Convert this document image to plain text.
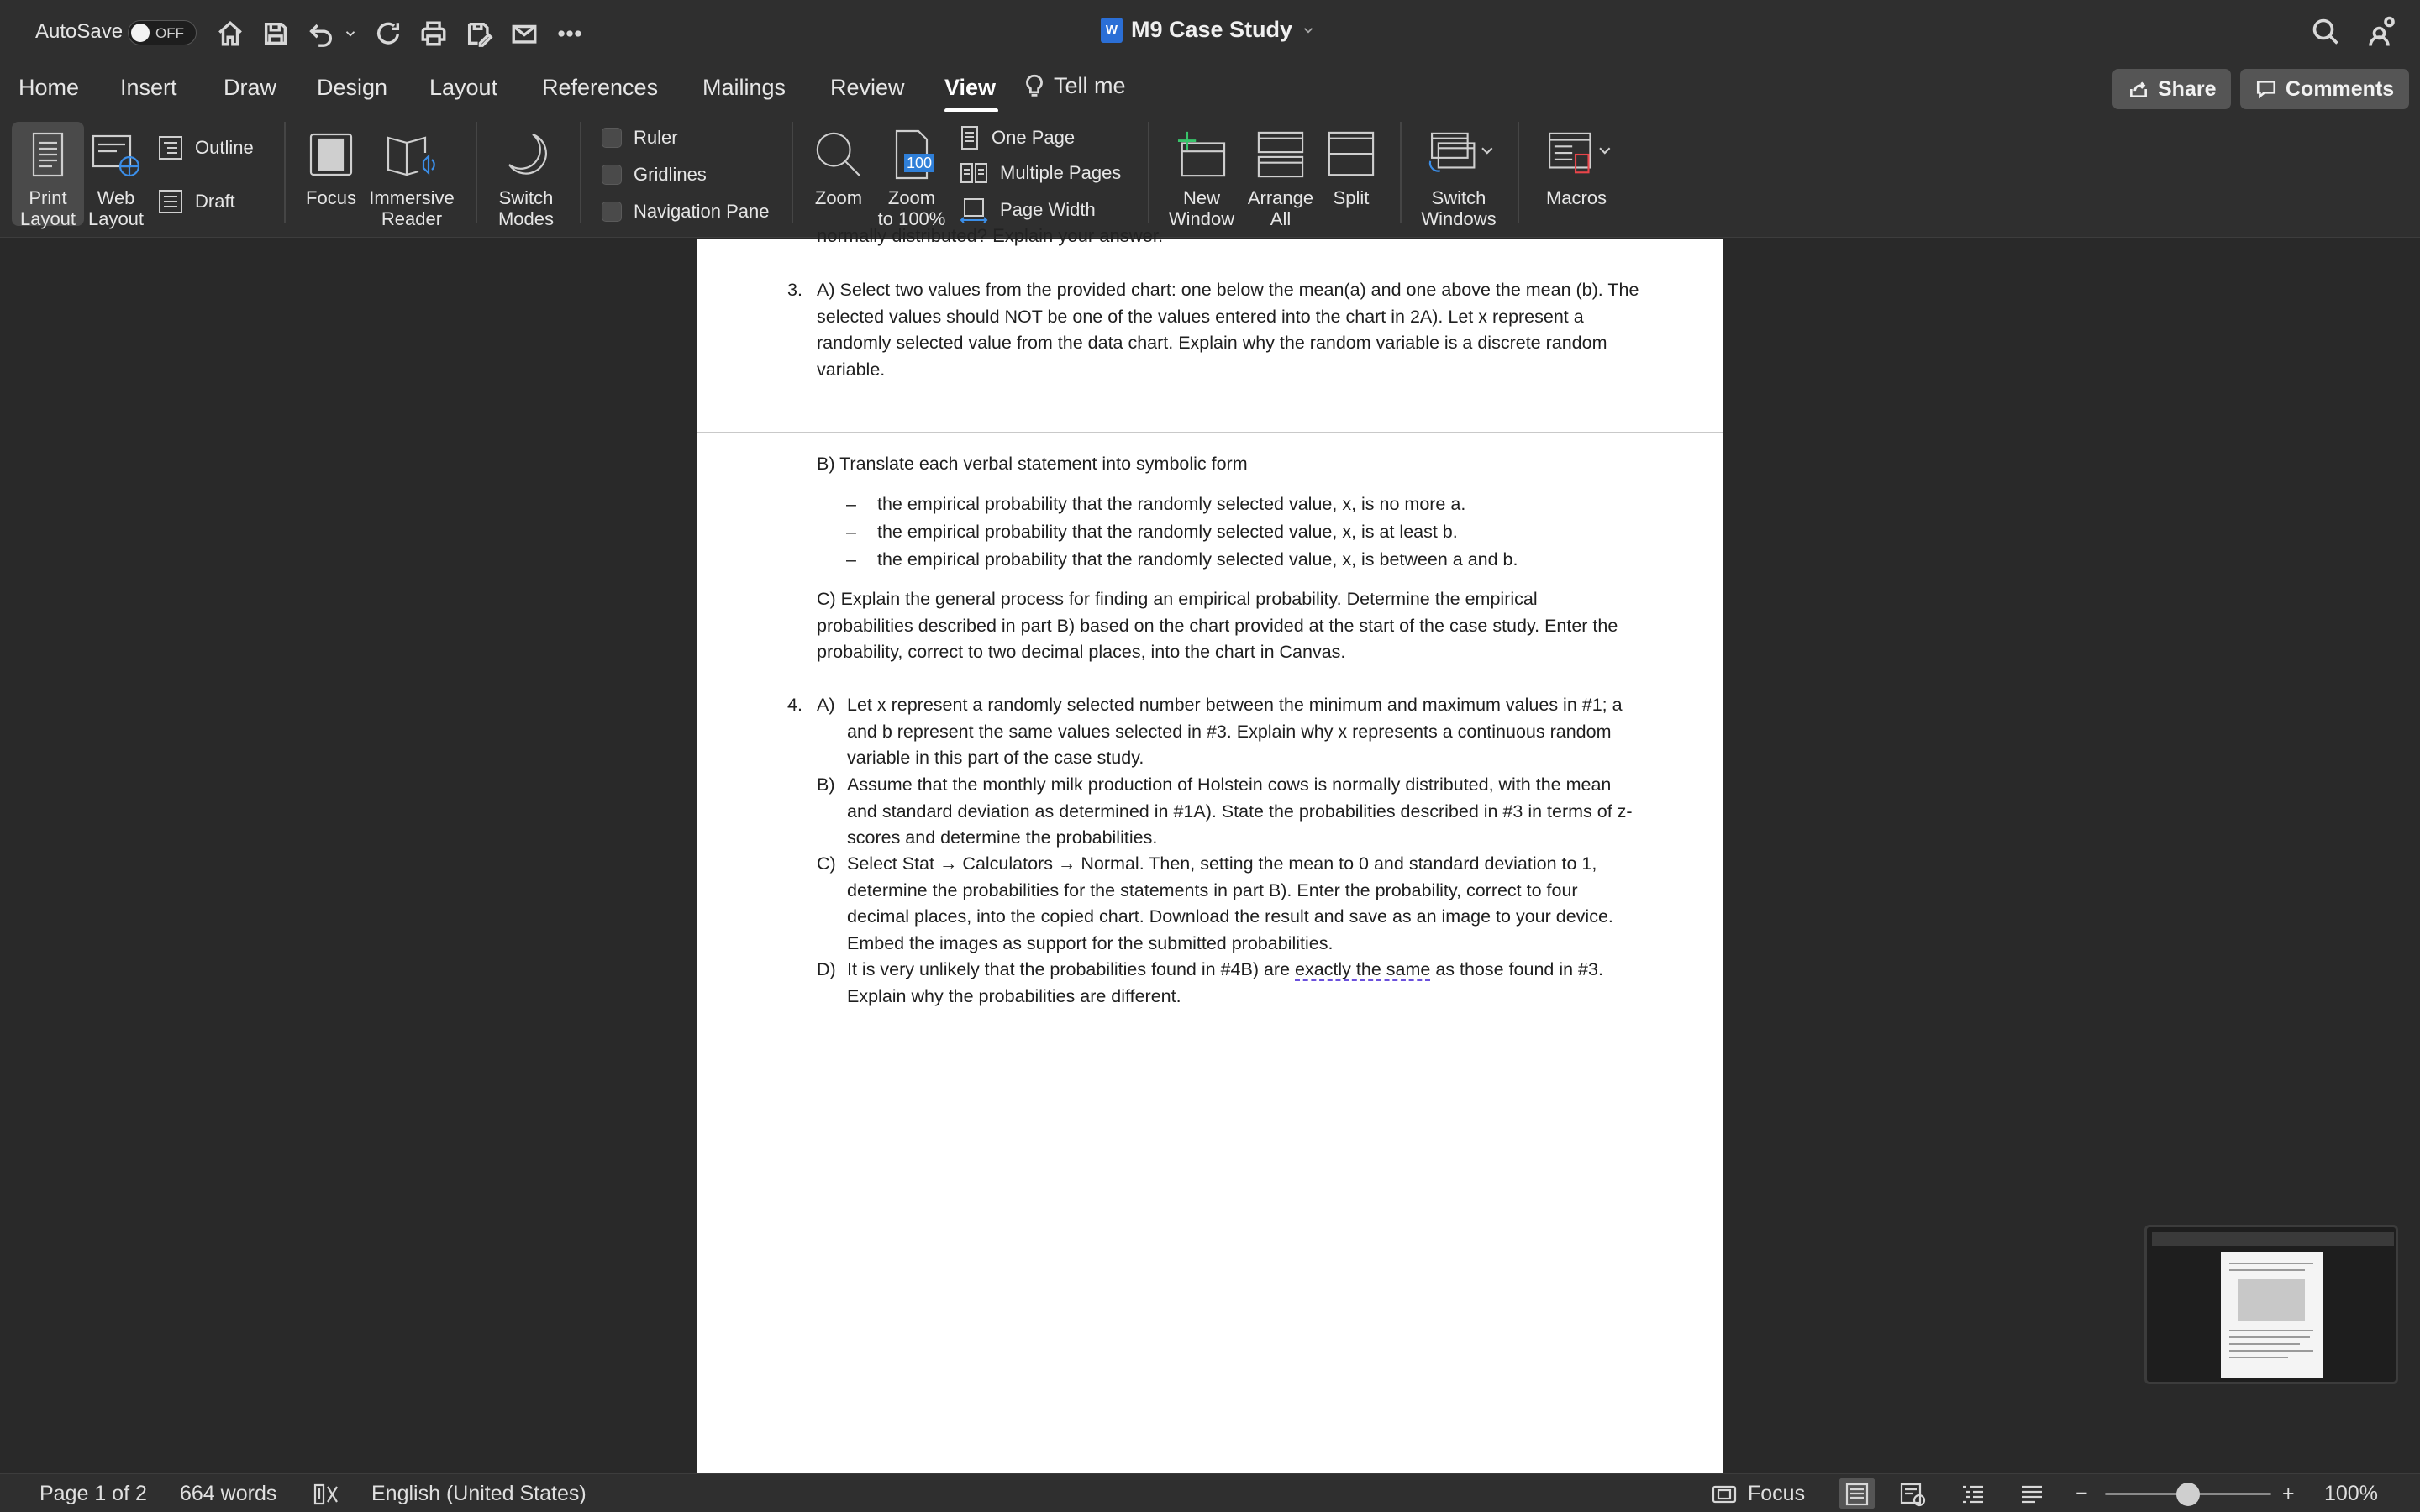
AutoSave OFF	W M9 Case Study
Home Insert Draw Design Layout References Mailings Review View	Tell me	Share	Comments
Print
Layout
Web
Layout
Outline
Draft	Focus Immersive
Reader
Switch
Modes
Ruler
Gridlines
Navigation Pane
Zoom
100
Zoom
to 100%
One Page
Multiple Pages
Page Width
New
Window
Arrange
All
Split	Switch
Windows
Macros
normally distributed? Explain your answer.
3. A) Select two values from the provided chart: one below the mean(a) and one above the mean (b). The
selected values should NOT be one of the values entered into the chart in 2A). Let x represent a
randomly selected value from the data chart. Explain why the random variable is a discrete random
variable.
B) Translate each verbal statement into symbolic form
– the empirical probability that the randomly selected value, x, is no more a.
– the empirical probability that the randomly selected value, x, is at least b.
– the empirical probability that the randomly selected value, x, is between a and b.
C) Explain the general process for finding an empirical probability. Determine the empirical
probabilities described in part B) based on the chart provided at the start of the case study. Enter the
probability, correct to two decimal places, into the chart in Canvas.
4. A) Let x represent a randomly selected number between the minimum and maximum values in #1; a
and b represent the same values selected in #3. Explain why x represents a continuous random
variable in this part of the case study.
B) Assume that the monthly milk production of Holstein cows is normally distributed, with the mean
and standard deviation as determined in #1A). State the probabilities described in #3 in terms of z-
scores and determine the probabilities.
C) Select Stat → Calculators → Normal. Then, setting the mean to 0 and standard deviation to 1,
determine the probabilities for the statements in part B). Enter the probability, correct to four
decimal places, into the copied chart. Download the result and save as an image to your device.
Embed the images as support for the submitted probabilities.
D) It is very unlikely that the probabilities found in #4B) are exactly the same as those found in #3.
Explain why the probabilities are different.
Page 1 of 2 664 words	English (United States)	Focus	−	+ 100%
